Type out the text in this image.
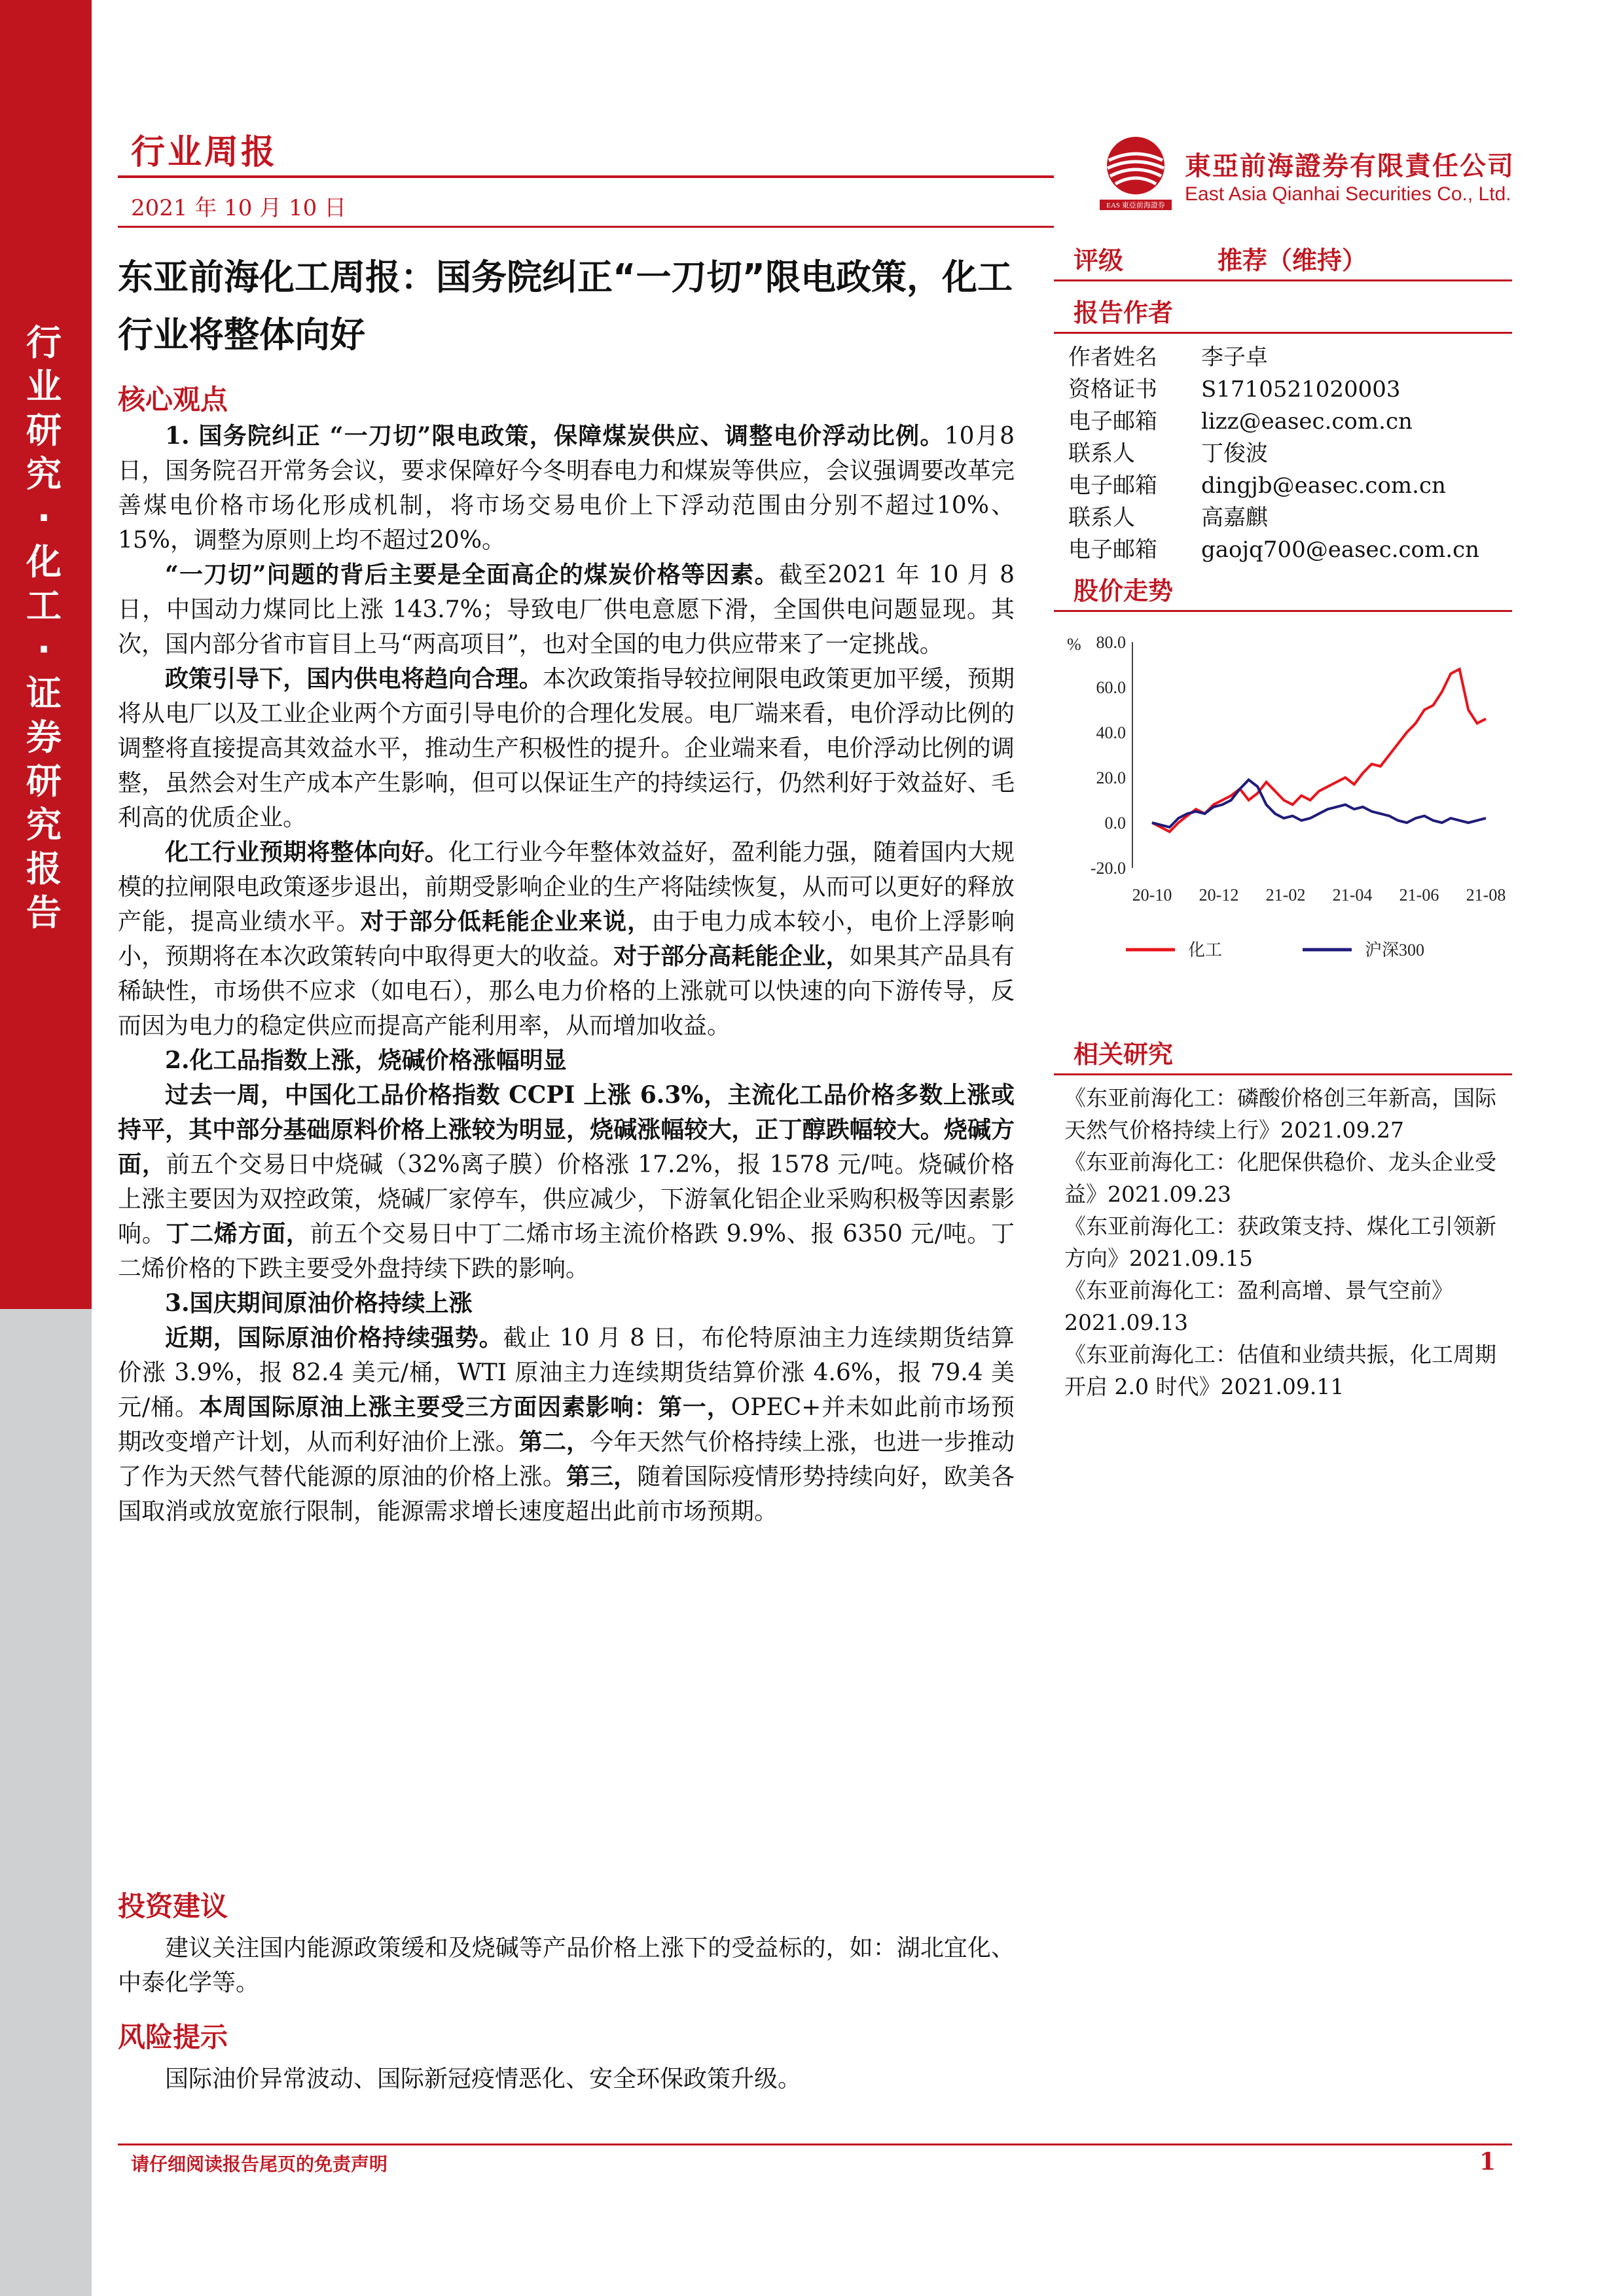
行业研究·化工·证券研究报告
行业周报
2021 年 10 月 10 日	EAS 東亞前海證券
東亞前海證券有限責任公司
East Asia Qianhai Securities Co., Ltd.
东亚前海化工周报：国务院纠正“一刀切”限电政策，化工行业将整体向好
核心观点

1. 国务院纠正 “一刀切”限电政策，保障煤炭供应、调整电价浮动比例。10月8日，国务院召开常务会议，要求保障好今冬明春电力和煤炭等供应，会议强调要改革完善煤电价格市场化形成机制，将市场交易电价上下浮动范围由分别不超过10%、15%，调整为原则上均不超过20%。

“一刀切”问题的背后主要是全面高企的煤炭价格等因素。截至2021 年 10 月 8 日，中国动力煤同比上涨 143.7%；导致电厂供电意愿下滑，全国供电问题显现。其次，国内部分省市盲目上马“两高项目”，也对全国的电力供应带来了一定挑战。

政策引导下，国内供电将趋向合理。本次政策指导较拉闸限电政策更加平缓，预期将从电厂以及工业企业两个方面引导电价的合理化发展。电厂端来看，电价浮动比例的调整将直接提高其效益水平，推动生产积极性的提升。企业端来看，电价浮动比例的调整，虽然会对生产成本产生影响，但可以保证生产的持续运行，仍然利好于效益好、毛利高的优质企业。

化工行业预期将整体向好。化工行业今年整体效益好，盈利能力强，随着国内大规模的拉闸限电政策逐步退出，前期受影响企业的生产将陆续恢复，从而可以更好的释放产能，提高业绩水平。对于部分低耗能企业来说，由于电力成本较小，电价上浮影响小，预期将在本次政策转向中取得更大的收益。对于部分高耗能企业，如果其产品具有稀缺性，市场供不应求（如电石），那么电力价格的上涨就可以快速的向下游传导，反而因为电力的稳定供应而提高产能利用率，从而增加收益。

2.化工品指数上涨，烧碱价格涨幅明显

过去一周，中国化工品价格指数 CCPI 上涨 6.3%，主流化工品价格多数上涨或持平，其中部分基础原料价格上涨较为明显，烧碱涨幅较大，正丁醇跌幅较大。烧碱方面，前五个交易日中烧碱（32%离子膜）价格涨 17.2%，报 1578 元/吨。烧碱价格上涨主要因为双控政策，烧碱厂家停车，供应减少，下游氧化铝企业采购积极等因素影响。丁二烯方面，前五个交易日中丁二烯市场主流价格跌 9.9%、报 6350 元/吨。丁二烯价格的下跌主要受外盘持续下跌的影响。

3.国庆期间原油价格持续上涨

近期，国际原油价格持续强势。截止 10 月 8 日，布伦特原油主力连续期货结算价涨 3.9%，报 82.4 美元/桶，WTI 原油主力连续期货结算价涨 4.6%，报 79.4 美元/桶。本周国际原油上涨主要受三方面因素影响：第一，OPEC+并未如此前市场预期改变增产计划，从而利好油价上涨。第二，今年天然气价格持续上涨，也进一步推动了作为天然气替代能源的原油的价格上涨。第三，随着国际疫情形势持续向好，欧美各国取消或放宽旅行限制，能源需求增长速度超出此前市场预期。

投资建议

建议关注国内能源政策缓和及烧碱等产品价格上涨下的受益标的，如：湖北宜化、中泰化学等。

风险提示

国际油价异常波动、国际新冠疫情恶化、安全环保政策升级。

评级	推荐（维持）
报告作者
作者姓名	李子卓
资格证书	S1710521020003
电子邮箱	lizz@easec.com.cn
联系人	丁俊波
电子邮箱	dingjb@easec.com.cn
联系人	高嘉麒
电子邮箱	gaojq700@easec.com.cn
股价走势
% 80.0
60.0
40.0
20.0
0.0
-20.0
20-10 20-12 21-02 21-04 21-06 21-08
化工	沪深300
相关研究
《东亚前海化工：磷酸价格创三年新高，国际天然气价格持续上行》2021.09.27
《东亚前海化工：化肥保供稳价、龙头企业受益》2021.09.23
《东亚前海化工：获政策支持、煤化工引领新方向》2021.09.15
《东亚前海化工：盈利高增、景气空前》2021.09.13
《东亚前海化工：估值和业绩共振，化工周期开启 2.0 时代》2021.09.11
请仔细阅读报告尾页的免责声明	1
